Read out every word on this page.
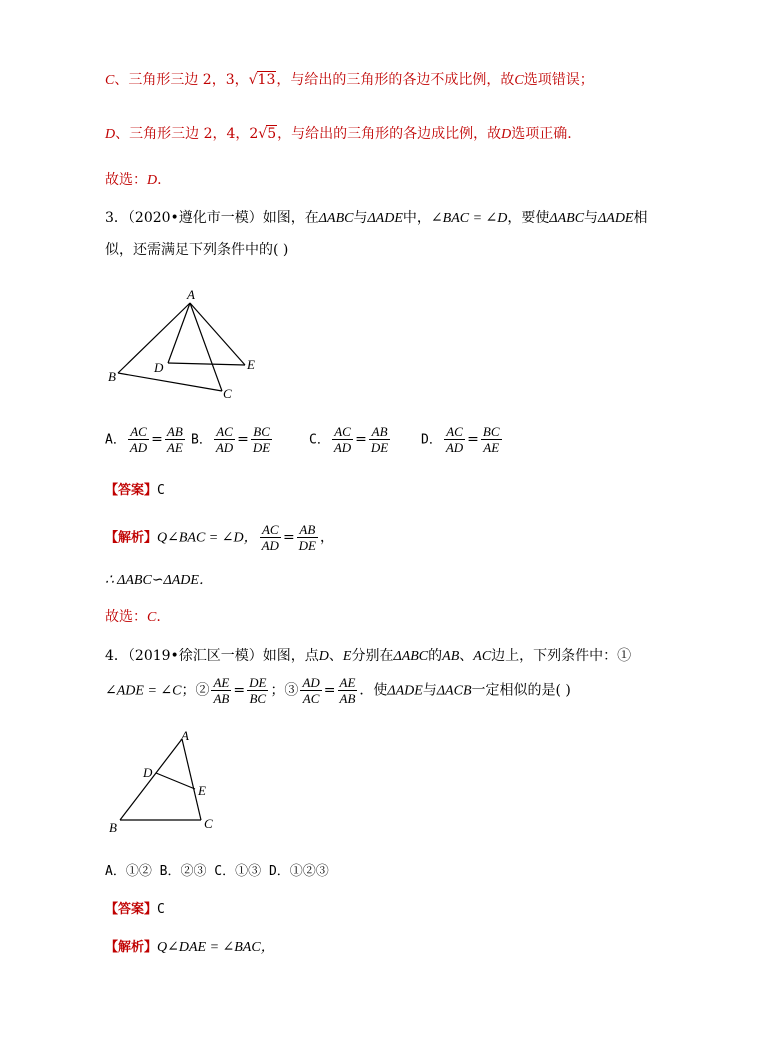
C、三角形三边 2，3，√13，与给出的三角形的各边不成比例，故C选项错误；
D、三角形三边 2，4，2√5，与给出的三角形的各边成比例，故D选项正确.
故选：D.
3．（2020•遵化市一模）如图，在ΔABC与ΔADE中，∠BAC = ∠D，要使ΔABC与ΔADE相
似，还需满足下列条件中的( )
A
B
C
D	E
A． $\frac{AC}{AD} = \frac{AB}{AE}$ B． $\frac{AC}{AD} = \frac{BC}{DE}$	C． $\frac{AC}{AD} = \frac{AB}{DE}$ D． $\frac{AC}{AD} = \frac{BC}{AE}$
【答案】C
【解析】Q∠BAC = ∠D， $\frac{AC}{AD} = \frac{AB}{DE}$ ，
∴ ΔABC∽ΔADE．
故选：C.
4．（2019•徐汇区一模）如图，点D、E分别在ΔABC的AB、AC边上，下列条件中：①
∠ADE = ∠C；② $\frac{AE}{AB} = \frac{DE}{BC}$ ；③ $\frac{AD}{AC} = \frac{AE}{AB}$ ．使ΔADE与ΔACB一定相似的是( )
A
B	C
D
E
A．①② B．②③ C．①③ D．①②③
【答案】C
【解析】Q∠DAE = ∠BAC，
